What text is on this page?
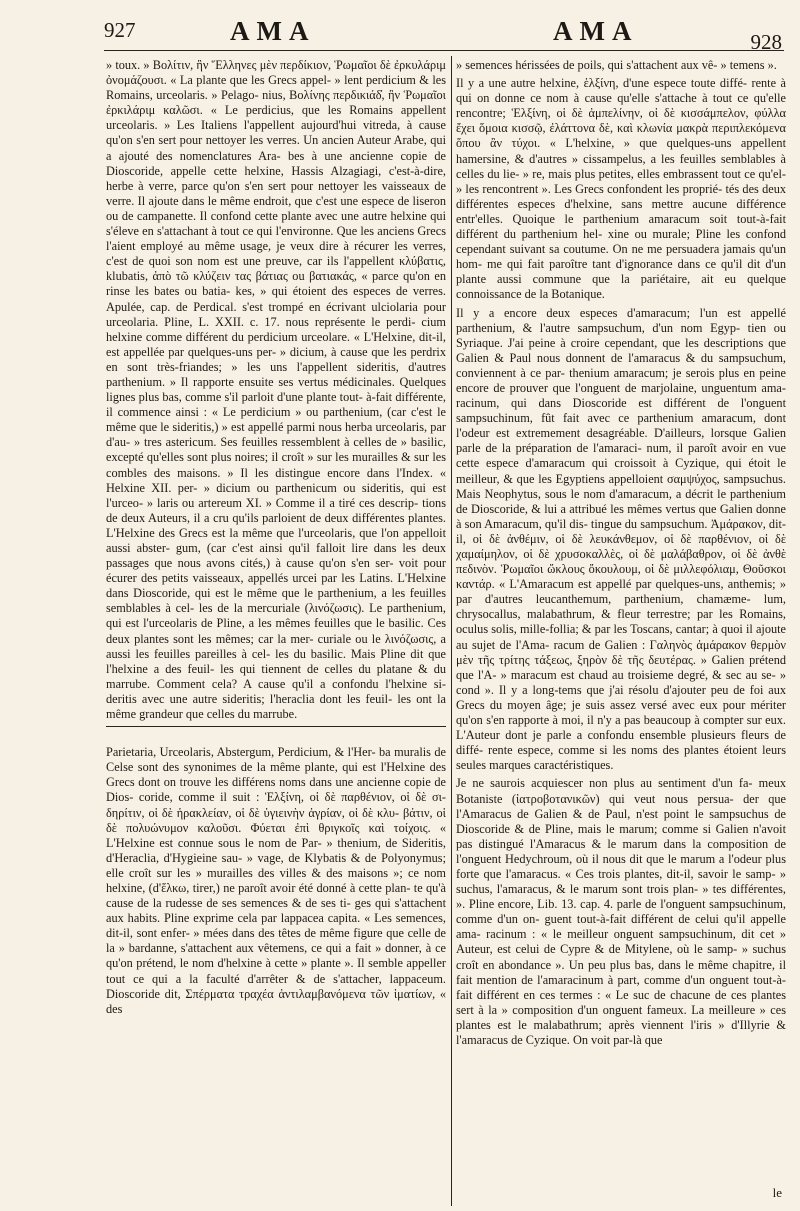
927	AMA	AMA	928

» toux. » Βολίτιν, ἣν Ἕλληνες μὲν περδίκιον, Ῥωμαῖοι δὲ ἐρκυλάριμ ὀνομάζουσι. « La plante que les Grecs appel- » lent perdicium & les Romains, urceolaris. » Pelago- nius, Βολίνης περδικιάδ̓, ἣν Ῥωμαῖοι ἐρκιλάριμ καλῶσι. « Le perdicius, que les Romains appellent urceolaris. » Les Italiens l'appellent aujourd'hui vitreda, à cause qu'on s'en sert pour nettoyer les verres. Un ancien Auteur Arabe, qui a ajouté des nomenclatures Ara- bes à une ancienne copie de Dioscoride, appelle cette helxine, Hassis Alzagiagi, c'est-à-dire, herbe à verre, parce qu'on s'en sert pour nettoyer les vaisseaux de verre. Il ajoute dans le même endroit, que c'est une espece de liseron ou de campanette. Il confond cette plante avec une autre helxine qui s'éleve en s'attachant à tout ce qui l'environne. Que les anciens Grecs l'aient employé au même usage, je veux dire à récurer les verres, c'est de quoi son nom est une preuve, car ils l'appellent κλύβατις, klubatis, ἀπὸ τῶ κλύζειν τας βάτιας ou βατιακάς, « parce qu'on en rinse les bates ou batia- kes, » qui étoient des especes de verres. Apulée, cap. de Perdical. s'est trompé en écrivant ulciolaria pour urceolaria. Pline, L. XXII. c. 17. nous représente le perdi- cium helxine comme différent du perdicium urceolare. « L'Helxine, dit-il, est appellée par quelques-uns per- » dicium, à cause que les perdrix en sont très-friandes; » les uns l'appellent sideritis, d'autres parthenium. » Il rapporte ensuite ses vertus médicinales. Quelques lignes plus bas, comme s'il parloit d'une plante tout- à-fait différente, il commence ainsi : « Le perdicium » ou parthenium, (car c'est le même que le sideritis,) » est appellé parmi nous herba urceolaris, par d'au- » tres astericum. Ses feuilles ressemblent à celles de » basilic, excepté qu'elles sont plus noires; il croît » sur les murailles & sur les combles des maisons. » Il les distingue encore dans l'Index. « Helxine XII. per- » dicium ou parthenicum ou sideritis, qui est l'urceo- » laris ou artereum XI. » Comme il a tiré ces descrip- tions de deux Auteurs, il a cru qu'ils parloient de deux différentes plantes. L'Helxine des Grecs est la même que l'urceolaris, que l'on appelloit aussi abster- gum, (car c'est ainsi qu'il falloit lire dans les deux passages que nous avons cités,) à cause qu'on s'en ser- voit pour écurer des petits vaisseaux, appellés urcei par les Latins. L'Helxine dans Dioscoride, qui est le même que le parthenium, a les feuilles semblables à cel- les de la mercuriale (λινόζωσις). Le parthenium, qui est l'urceolaris de Pline, a les mêmes feuilles que le basilic. Ces deux plantes sont les mêmes; car la mer- curiale ou le λινόζωσις, a aussi les feuilles pareilles à cel- les du basilic. Mais Pline dit que l'helxine a des feuil- les qui tiennent de celles du platane & du marrube. Comment cela? A cause qu'il a confondu l'helxine si- deritis avec une autre sideritis; l'heraclia dont les feuil- les ont la même grandeur que celles du marrube.

Parietaria, Urceolaris, Abstergum, Perdicium, & l'Her- ba muralis de Celse sont des synonimes de la même plante, qui est l'Helxine des Grecs dont on trouve les différens noms dans une ancienne copie de Dios- coride, comme il suit : Ἑλξίνη, οἱ δὲ παρθένιον, οἱ δὲ σι- δηρίτιν, οἱ δὲ ἡρακλείαν, οἱ δὲ ὑγιεινὴν ἀγρίαν, οἱ δὲ κλυ- βάτιν, οἱ δὲ πολυώνυμον καλοῦσι. Φύεται ἐπὶ θριγκοῖς καὶ τοίχοις. « L'Helxine est connue sous le nom de Par- » thenium, de Sideritis, d'Heraclia, d'Hygieine sau- » vage, de Klybatis & de Polyonymus; elle croît sur les » murailles des villes & des maisons »; ce nom helxine, (d'ἕλκω, tirer,) ne paroît avoir été donné à cette plan- te qu'à cause de la rudesse de ses semences & de ses ti- ges qui s'attachent aux habits. Pline exprime cela par lappacea capita. « Les semences, dit-il, sont enfer- » mées dans des têtes de même figure que celle de la » bardanne, s'attachent aux vêtemens, ce qui a fait » donner, à ce qu'on prétend, le nom d'helxine à cette » plante ». Il semble appeller tout ce qui a la faculté d'arrêter & de s'attacher, lappaceum. Dioscoride dit, Σπέρματα τραχέα ἀντιλαμβανόμενα τῶν ἱματίων, « des

» semences hérissées de poils, qui s'attachent aux vê- » temens ».

Il y a une autre helxine, ἑλξίνη, d'une espece toute diffé- rente à qui on donne ce nom à cause qu'elle s'attache à tout ce qu'elle rencontre; Ἑλξίνη, οἱ δὲ ἀμπελίνην, οἱ δὲ κισσάμπελον, φύλλα ἔχει ὅμοια κισσῷ, ἐλάττονα δὲ, καὶ κλωνία μακρὰ περιπλεκόμενα ὅπου ἂν τύχοι. « L'helxine, » que quelques-uns appellent hamersine, & d'autres » cissampelus, a les feuilles semblables à celles du lie- » re, mais plus petites, elles embrassent tout ce qu'el- » les rencontrent ». Les Grecs confondent les proprié- tés des deux différentes especes d'helxine, sans mettre aucune différence entr'elles. Quoique le parthenium amaracum soit tout-à-fait différent du parthenium hel- xine ou murale; Pline les confond cependant suivant sa coutume. On ne me persuadera jamais qu'un hom- me qui fait paroître tant d'ignorance dans ce qu'il dit d'un plante aussi commune que la pariétaire, ait eu quelque connoissance de la Botanique.

Il y a encore deux especes d'amaracum; l'un est appellé parthenium, & l'autre sampsuchum, d'un nom Egyp- tien ou Syriaque. J'ai peine à croire cependant, que les descriptions que Galien & Paul nous donnent de l'amaracus & du sampsuchum, conviennent à ce par- thenium amaracum; je serois plus en peine encore de prouver que l'onguent de marjolaine, unguentum ama- racinum, qui dans Dioscoride est différent de l'onguent sampsuchinum, fût fait avec ce parthenium amaracum, dont l'odeur est extremement desagréable. D'ailleurs, lorsque Galien parle de la préparation de l'amaraci- num, il paroît avoir en vue cette espece d'amaracum qui croissoit à Cyzique, qui étoit le meilleur, & que les Egyptiens appelloient σαμψύχος, sampsuchus. Mais Neophytus, sous le nom d'amaracum, a décrit le parthenium de Dioscoride, & lui a attribué les mêmes vertus que Galien donne à son Amaracum, qu'il dis- tingue du sampsuchum. Ἀμάρακον, dit-il, οἱ δὲ ἀνθέμιν, οἱ δὲ λευκάνθεμον, οἱ δὲ παρθένιον, οἱ δὲ χαμαίμηλον, οἱ δὲ χρυσοκαλλὲς, οἱ δὲ μαλάβαθρον, οἱ δὲ ἀνθὲ πεδινὸν. Ῥωμαῖοι ὤκλους ὄκουλουμ, οἱ δὲ μιλλεφόλιαμ, Θοῦσκοι καντάρ. « L'Amaracum est appellé par quelques-uns, anthemis; » par d'autres leucanthemum, parthenium, chamæme- lum, chrysocallus, malabathrum, & fleur terrestre; par les Romains, oculus solis, mille-follia; & par les Toscans, cantar; à quoi il ajoute au sujet de l'Ama- racum de Galien : Γαληνὸς ἀμάρακον θερμὸν μὲν τῆς τρίτης τάξεως, ξηρὸν δὲ τῆς δευτέρας. » Galien prétend que l'A- » maracum est chaud au troisieme degré, & sec au se- » cond ». Il y a long-tems que j'ai résolu d'ajouter peu de foi aux Grecs du moyen âge; je suis assez versé avec eux pour mériter qu'on s'en rapporte à moi, il n'y a pas beaucoup à compter sur eux. L'Auteur dont je parle a confondu ensemble plusieurs fleurs de diffé- rente espece, comme si les noms des plantes étoient leurs seules marques caractéristiques.

Je ne saurois acquiescer non plus au sentiment d'un fa- meux Botaniste (ἰατροβοτανικῶν) qui veut nous persua- der que l'Amaracus de Galien & de Paul, n'est point le sampsuchus de Dioscoride & de Pline, mais le marum; comme si Galien n'avoit pas distingué l'Amaracus & le marum dans la composition de l'onguent Hedychroum, où il nous dit que le marum a l'odeur plus forte que l'amaracus. « Ces trois plantes, dit-il, savoir le samp- » suchus, l'amaracus, & le marum sont trois plan- » tes différentes, ». Pline encore, Lib. 13. cap. 4. parle de l'onguent sampsuchinum, comme d'un on- guent tout-à-fait différent de celui qu'il appelle ama- racinum : « le meilleur onguent sampsuchinum, dit cet » Auteur, est celui de Cypre & de Mitylene, où le samp- » suchus croît en abondance ». Un peu plus bas, dans le même chapitre, il fait mention de l'amaracinum à part, comme d'un onguent tout-à-fait différent en ces termes : « Le suc de chacune de ces plantes sert à la » composition d'un onguent fameux. La meilleure » ces plantes est le malabathrum; après viennent l'iris » d'Illyrie & l'amaracus de Cyzique. On voit par-là que

le
